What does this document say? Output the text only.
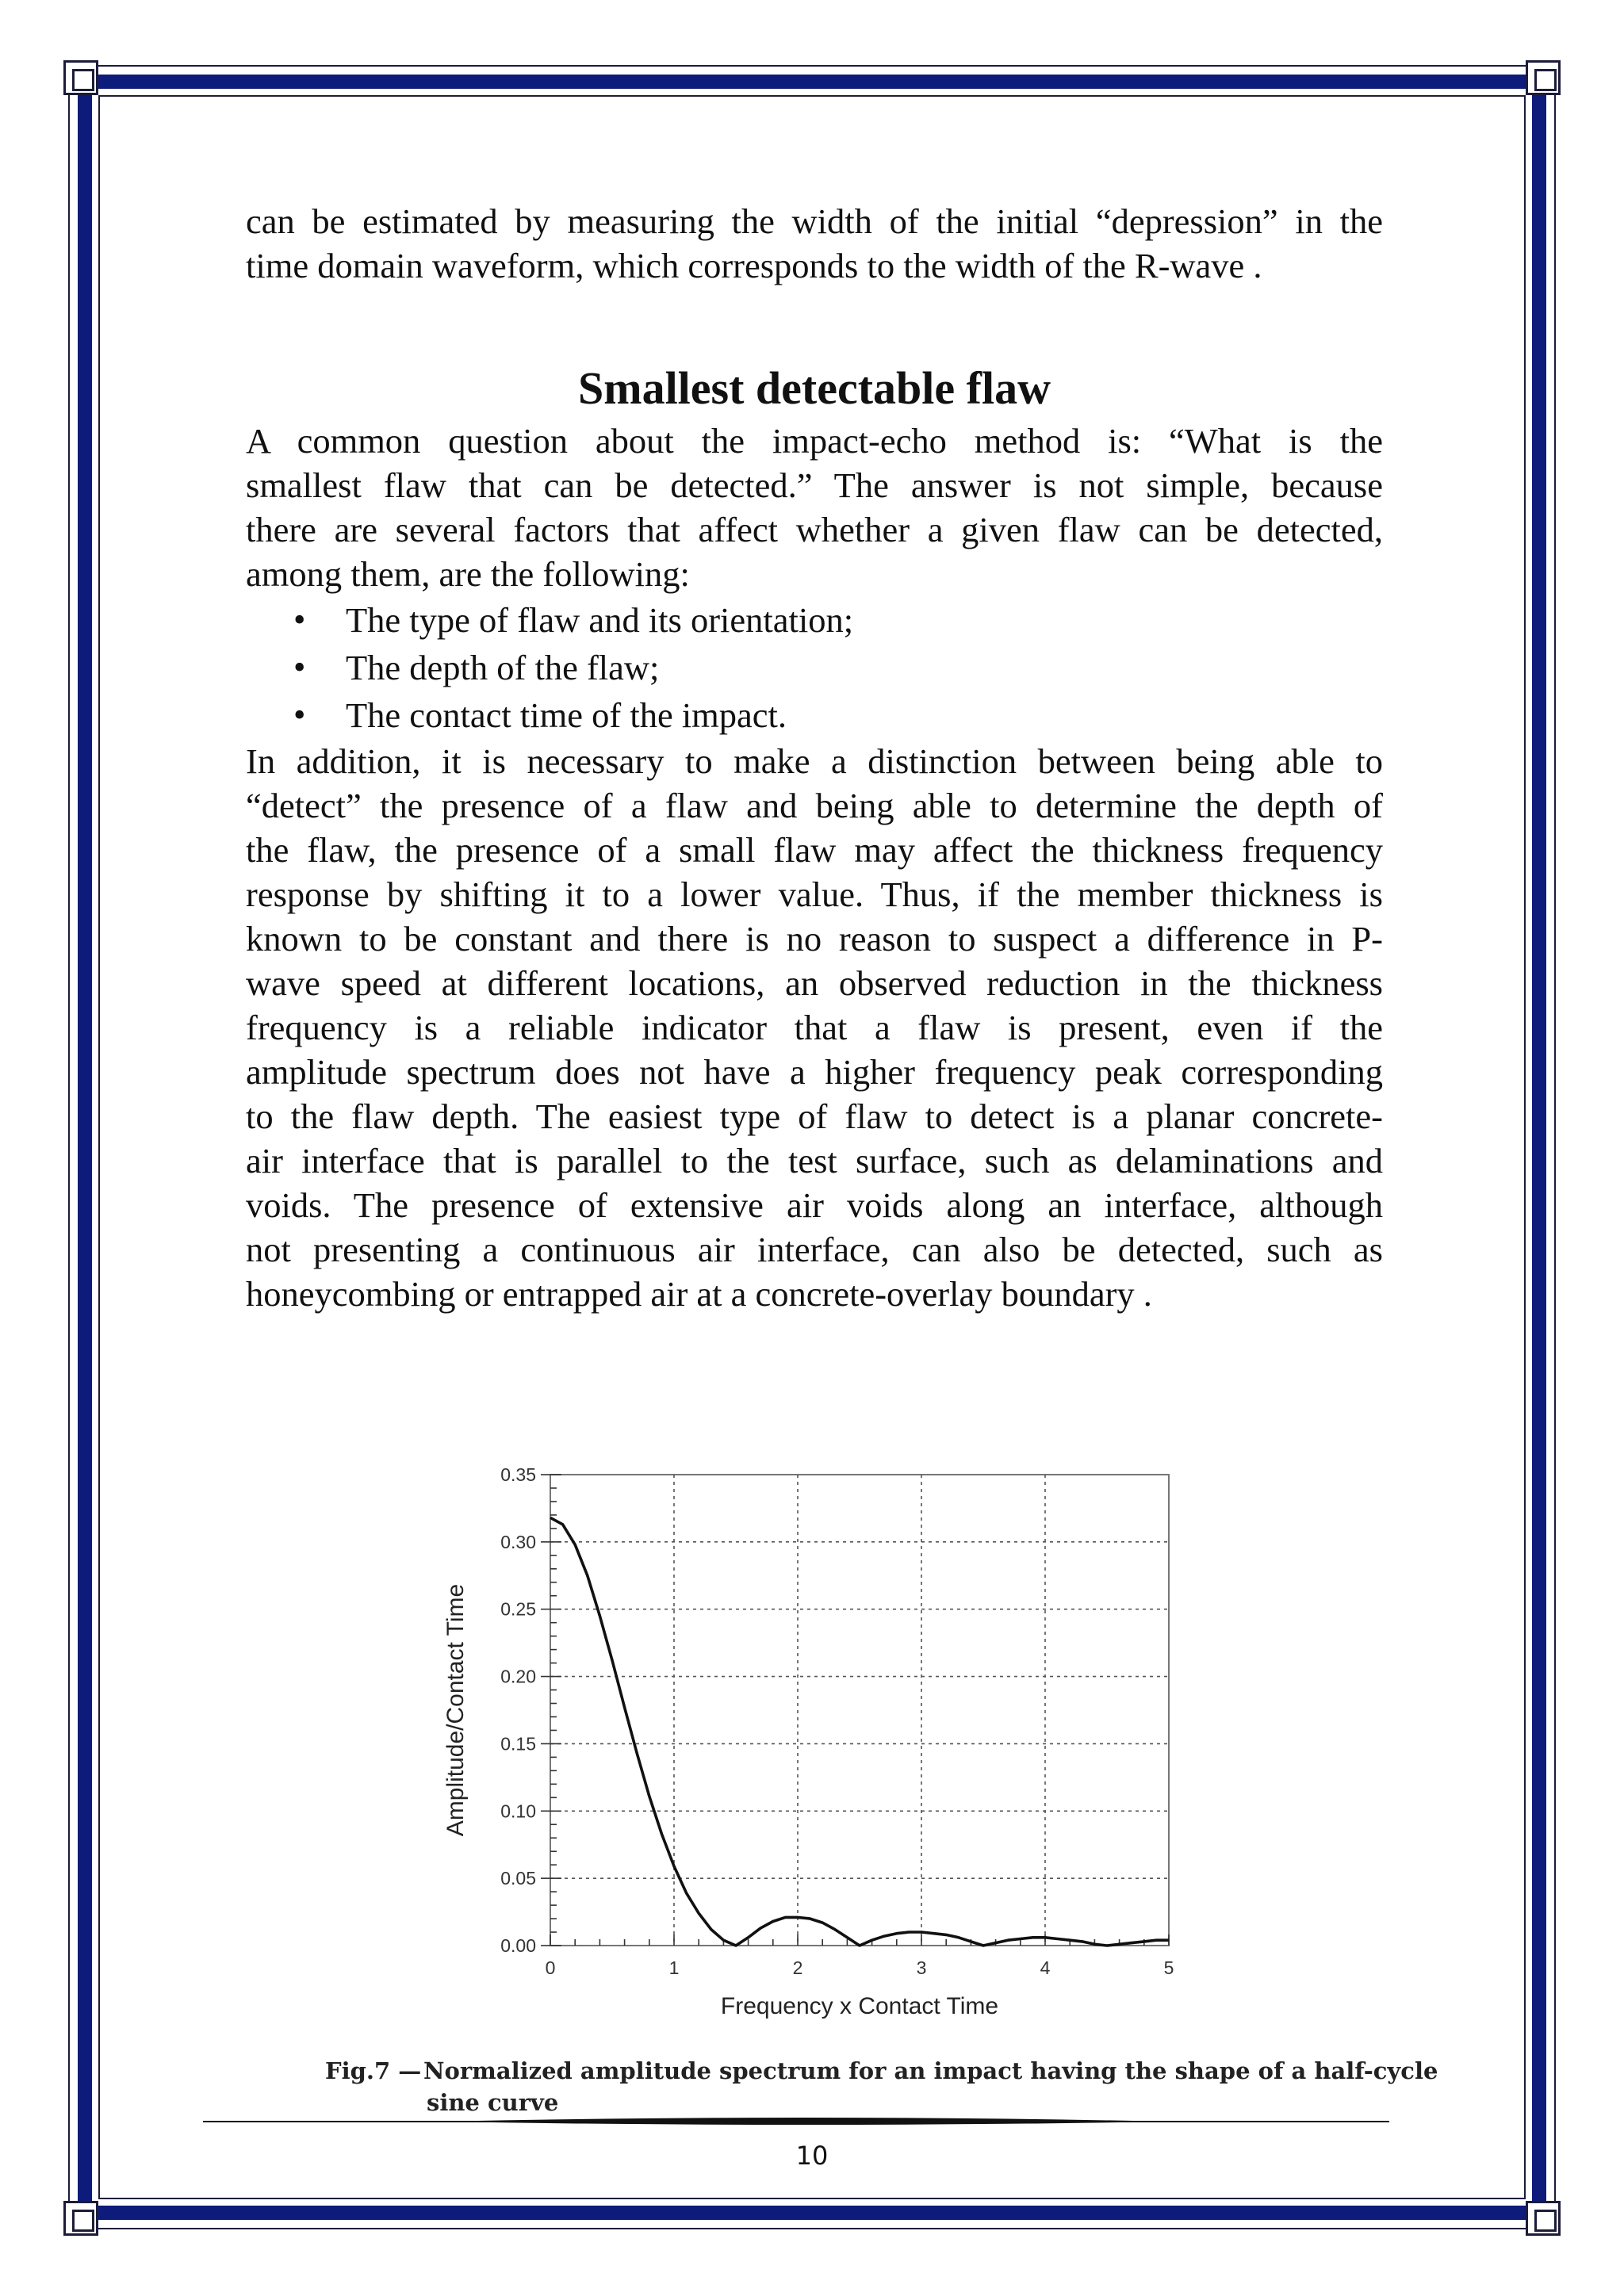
can be estimated by measuring the width of the initial “depression” in the
time domain waveform, which corresponds to the width of the R-wave .
Smallest detectable flaw
A common question about the impact-echo method is: “What is the
smallest flaw that can be detected.” The answer is not simple, because
there are several factors that affect whether a given flaw can be detected,
among them, are the following:
• The type of flaw and its orientation;
• The depth of the flaw;
• The contact time of the impact.
In addition, it is necessary to make a distinction between being able to
“detect” the presence of a flaw and being able to determine the depth of
the flaw, the presence of a small flaw may affect the thickness frequency
response by shifting it to a lower value. Thus, if the member thickness is
known to be constant and there is no reason to suspect a difference in P-
wave speed at different locations, an observed reduction in the thickness
frequency is a reliable indicator that a flaw is present, even if the
amplitude spectrum does not have a higher frequency peak corresponding
to the flaw depth. The easiest type of flaw to detect is a planar concrete-
air interface that is parallel to the test surface, such as delaminations and
voids. The presence of extensive air voids along an interface, although
not presenting a continuous air interface, can also be detected, such as
honeycombing or entrapped air at a concrete-overlay boundary .
0.00
0.05
0.10
0.15
0.20
0.25
0.30
0.35
0	1	2	3	4	5
Frequency x Contact Time
Amplitude/Contact Time
Fig.7 —Normalized amplitude spectrum for an impact having the shape of a half-cycle
sine curve
10
